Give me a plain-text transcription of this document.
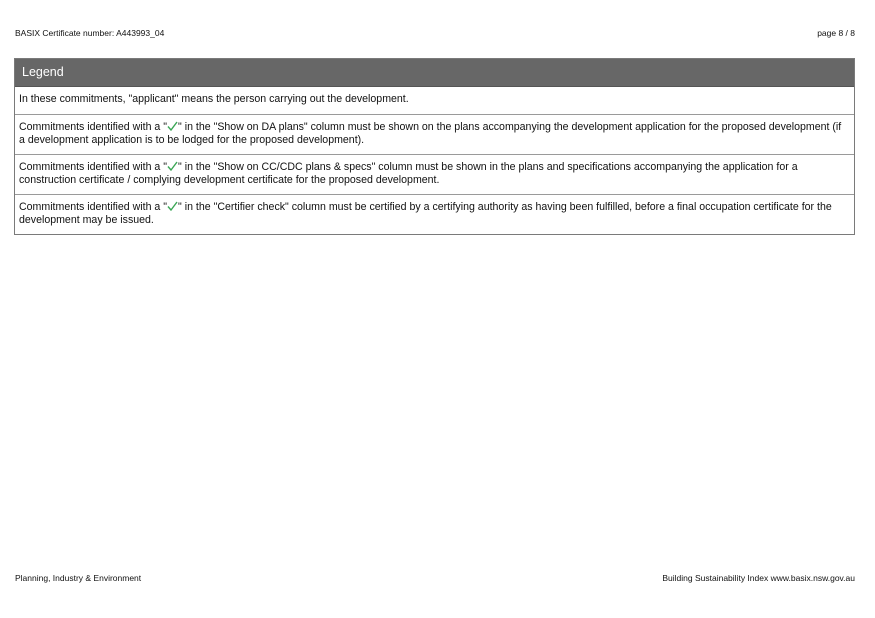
BASIX Certificate number: A443993_04	page 8 / 8
Legend
In these commitments, "applicant" means the person carrying out the development.
Commitments identified with a " " in the "Show on DA plans" column must be shown on the plans accompanying the development application for the proposed development (if a development application is to be lodged for the proposed development).
Commitments identified with a " " in the "Show on CC/CDC plans & specs" column must be shown in the plans and specifications accompanying the application for a construction certificate / complying development certificate for the proposed development.
Commitments identified with a " " in the "Certifier check" column must be certified by a certifying authority as having been fulfilled, before a final occupation certificate for the development may be issued.
Planning, Industry & Environment	Building Sustainability Index www.basix.nsw.gov.au
